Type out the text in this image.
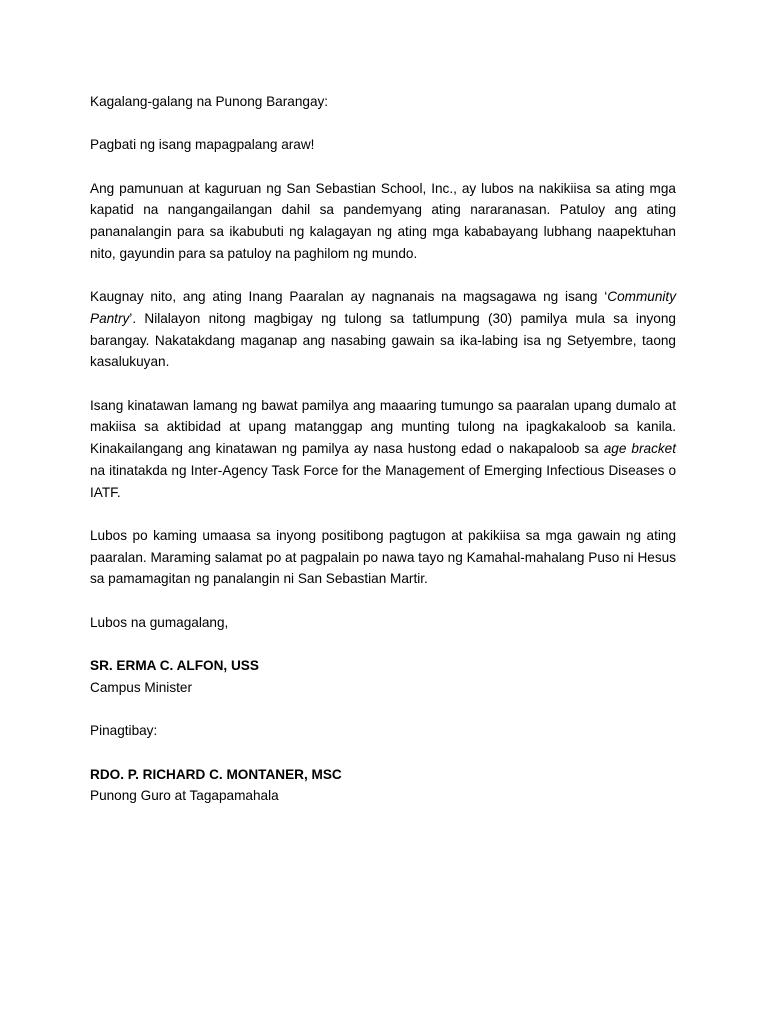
Kagalang-galang na Punong Barangay:

Pagbati ng isang mapagpalang araw!

Ang pamunuan at kaguruan ng San Sebastian School, Inc., ay lubos na nakikiisa sa ating mga kapatid na nangangailangan dahil sa pandemyang ating nararanasan. Patuloy ang ating pananalangin para sa ikabubuti ng kalagayan ng ating mga kababayang lubhang naapektuhan nito, gayundin para sa patuloy na paghilom ng mundo.

Kaugnay nito, ang ating Inang Paaralan ay nagnanais na magsagawa ng isang ‘Community Pantry’. Nilalayon nitong magbigay ng tulong sa tatlumpung (30) pamilya mula sa inyong barangay. Nakatakdang maganap ang nasabing gawain sa ika-labing isa ng Setyembre, taong kasalukuyan.

Isang kinatawan lamang ng bawat pamilya ang maaaring tumungo sa paaralan upang dumalo at makiisa sa aktibidad at upang matanggap ang munting tulong na ipagkakaloob sa kanila. Kinakailangang ang kinatawan ng pamilya ay nasa hustong edad o nakapaloob sa age bracket na itinatakda ng Inter-Agency Task Force for the Management of Emerging Infectious Diseases o IATF.

Lubos po kaming umaasa sa inyong positibong pagtugon at pakikiisa sa mga gawain ng ating paaralan. Maraming salamat po at pagpalain po nawa tayo ng Kamahal-mahalang Puso ni Hesus sa pamamagitan ng panalangin ni San Sebastian Martir.

Lubos na gumagalang,

SR. ERMA C. ALFON, USS
Campus Minister

Pinagtibay:

RDO. P. RICHARD C. MONTANER, MSC
Punong Guro at Tagapamahala
